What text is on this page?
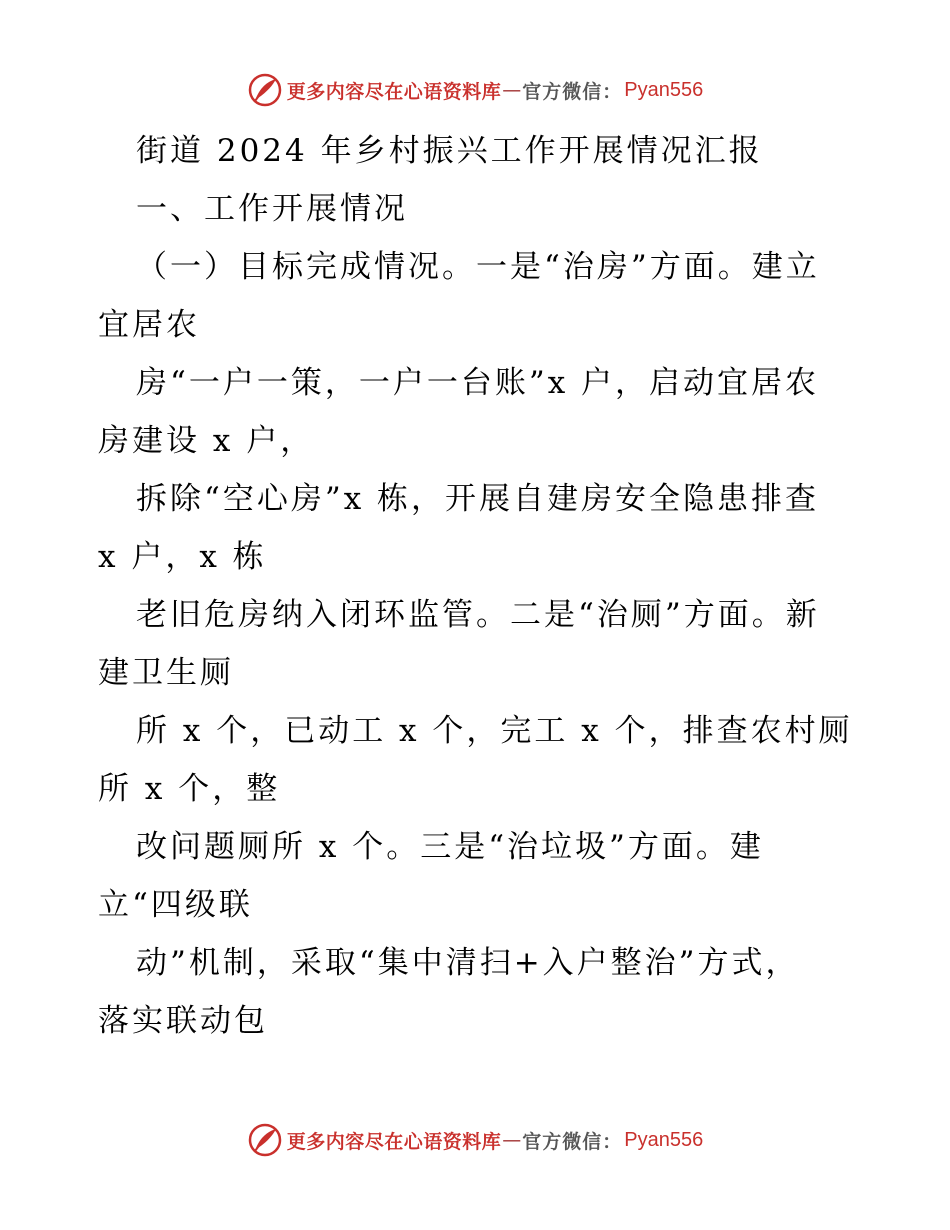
更多内容尽在心语资料库 — 官方微信： Pyan556
街道 2024 年乡村振兴工作开展情况汇报
一、工作开展情况
（一）目标完成情况。一是“治房”方面。建立
宜居农
房“一户一策，一户一台账”x 户，启动宜居农
房建设 x 户，
拆除“空心房”x 栋，开展自建房安全隐患排查
x 户，x 栋
老旧危房纳入闭环监管。二是“治厕”方面。新
建卫生厕
所 x 个，已动工 x 个，完工 x 个，排查农村厕
所 x 个，整
改问题厕所 x 个。三是“治垃圾”方面。建
立“四级联
动”机制，采取“集中清扫+入户整治”方式，
落实联动包
更多内容尽在心语资料库 — 官方微信： Pyan556
